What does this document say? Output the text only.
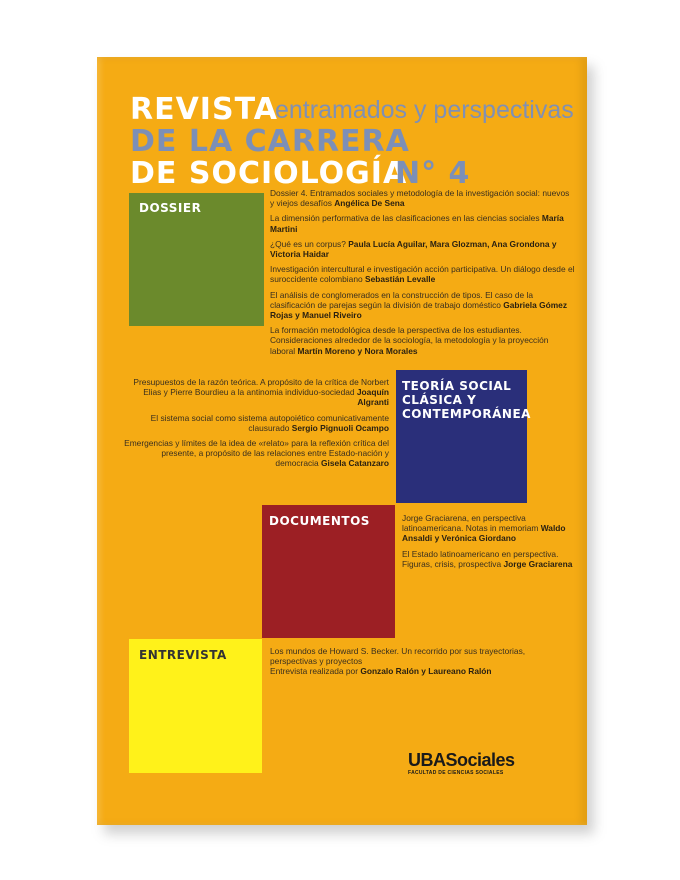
REVISTA
entramados y perspectivas
DE LA CARRERA
DE SOCIOLOGÍA
N° 4
DOSSIER

Dossier 4. Entramados sociales y metodología de la investigación social: nuevos y viejos desafíos Angélica De Sena

La dimensión performativa de las clasificaciones en las ciencias sociales María Martini

¿Qué es un corpus? Paula Lucía Aguilar, Mara Glozman, Ana Grondona y Victoria Haidar

Investigación intercultural e investigación acción participativa. Un diálogo desde el suroccidente colombiano Sebastián Levalle

El análisis de conglomerados en la construcción de tipos. El caso de la clasificación de parejas según la división de trabajo doméstico Gabriela Gómez Rojas y Manuel Riveiro

La formación metodológica desde la perspectiva de los estudiantes. Consideraciones alrededor de la sociología, la metodología y la proyección laboral Martín Moreno y Nora Morales

TEORÍA SOCIAL
CLÁSICA Y
CONTEMPORÁNEA

Presupuestos de la razón teórica. A propósito de la crítica de Norbert Elias y Pierre Bourdieu a la antinomia individuo-sociedad Joaquín Algranti

El sistema social como sistema autopoiético comunicativamente clausurado Sergio Pignuoli Ocampo

Emergencias y límites de la idea de «relato» para la reflexión crítica del presente, a propósito de las relaciones entre Estado-nación y democracia Gisela Catanzaro

DOCUMENTOS	Jorge Graciarena, en perspectiva latinoamericana. Notas in memoriam Waldo Ansaldi y Verónica Giordano

El Estado latinoamericano en perspectiva. Figuras, crisis, prospectiva Jorge Graciarena

ENTREVISTA	Los mundos de Howard S. Becker. Un recorrido por sus trayectorias, perspectivas y proyectos
Entrevista realizada por Gonzalo Ralón y Laureano Ralón
UBASociales
FACULTAD DE CIENCIAS SOCIALES
